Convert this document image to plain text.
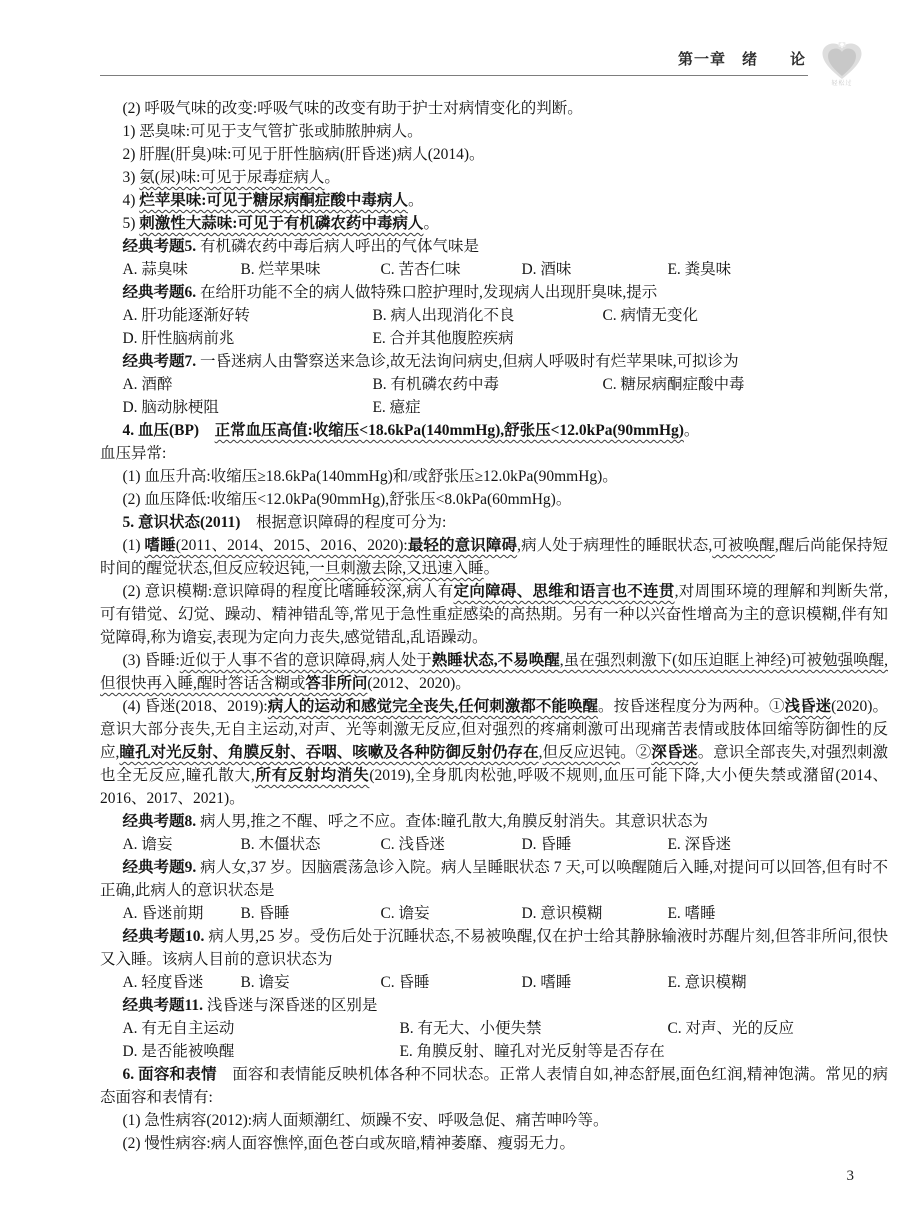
第一章　绪　　论
轻松过

(2) 呼吸气味的改变:呼吸气味的改变有助于护士对病情变化的判断。

1) 恶臭味:可见于支气管扩张或肺脓肿病人。

2) 肝腥(肝臭)味:可见于肝性脑病(肝昏迷)病人(2014)。

3) 氨(尿)味:可见于尿毒症病人。

4) 烂苹果味:可见于糖尿病酮症酸中毒病人。

5) 刺激性大蒜味:可见于有机磷农药中毒病人。

经典考题5. 有机磷农药中毒后病人呼出的气体气味是

A. 蒜臭味	B. 烂苹果味	C. 苦杏仁味	D. 酒味	E. 粪臭味

经典考题6. 在给肝功能不全的病人做特殊口腔护理时,发现病人出现肝臭味,提示

A. 肝功能逐渐好转	B. 病人出现消化不良	C. 病情无变化
D. 肝性脑病前兆	E. 合并其他腹腔疾病

经典考题7. 一昏迷病人由警察送来急诊,故无法询问病史,但病人呼吸时有烂苹果味,可拟诊为

A. 酒醉	B. 有机磷农药中毒	C. 糖尿病酮症酸中毒
D. 脑动脉梗阻	E. 癔症

4. 血压(BP)　 正常血压高值:收缩压<18.6kPa(140mmHg),舒张压<12.0kPa(90mmHg)。

血压异常:

(1) 血压升高:收缩压≥18.6kPa(140mmHg)和/或舒张压≥12.0kPa(90mmHg)。

(2) 血压降低:收缩压<12.0kPa(90mmHg),舒张压<8.0kPa(60mmHg)。

5. 意识状态(2011)　根据意识障碍的程度可分为:

(1) 嗜睡(2011、2014、2015、2016、2020):最轻的意识障碍,病人处于病理性的睡眠状态,可被唤醒,醒后尚能保持短时间的醒觉状态,但反应较迟钝,一旦刺激去除,又迅速入睡。

(2) 意识模糊:意识障碍的程度比嗜睡较深,病人有定向障碍、思维和语言也不连贯,对周围环境的理解和判断失常,可有错觉、幻觉、躁动、精神错乱等,常见于急性重症感染的高热期。另有一种以兴奋性增高为主的意识模糊,伴有知觉障碍,称为谵妄,表现为定向力丧失,感觉错乱,乱语躁动。

(3) 昏睡:近似于人事不省的意识障碍,病人处于熟睡状态,不易唤醒,虽在强烈刺激下(如压迫眶上神经)可被勉强唤醒,但很快再入睡,醒时答话含糊或答非所问(2012、2020)。

(4) 昏迷(2018、2019):病人的运动和感觉完全丧失,任何刺激都不能唤醒。按昏迷程度分为两种。①浅昏迷(2020)。意识大部分丧失,无自主运动,对声、光等刺激无反应,但对强烈的疼痛刺激可出现痛苦表情或肢体回缩等防御性的反应,瞳孔对光反射、角膜反射、吞咽、咳嗽及各种防御反射仍存在,但反应迟钝。②深昏迷。意识全部丧失,对强烈刺激也全无反应,瞳孔散大,所有反射均消失(2019),全身肌肉松弛,呼吸不规则,血压可能下降,大小便失禁或潴留(2014、2016、2017、2021)。

经典考题8. 病人男,推之不醒、呼之不应。查体:瞳孔散大,角膜反射消失。其意识状态为

A. 谵妄	B. 木僵状态	C. 浅昏迷	D. 昏睡	E. 深昏迷

经典考题9. 病人女,37 岁。因脑震荡急诊入院。病人呈睡眠状态 7 天,可以唤醒随后入睡,对提问可以回答,但有时不正确,此病人的意识状态是

A. 昏迷前期	B. 昏睡	C. 谵妄	D. 意识模糊	E. 嗜睡

经典考题10. 病人男,25 岁。受伤后处于沉睡状态,不易被唤醒,仅在护士给其静脉输液时苏醒片刻,但答非所问,很快又入睡。该病人目前的意识状态为

A. 轻度昏迷	B. 谵妄	C. 昏睡	D. 嗜睡	E. 意识模糊

经典考题11. 浅昏迷与深昏迷的区别是

A. 有无自主运动	B. 有无大、小便失禁	C. 对声、光的反应
D. 是否能被唤醒	E. 角膜反射、瞳孔对光反射等是否存在

6. 面容和表情　面容和表情能反映机体各种不同状态。正常人表情自如,神态舒展,面色红润,精神饱满。常见的病态面容和表情有:

(1) 急性病容(2012):病人面颊潮红、烦躁不安、呼吸急促、痛苦呻吟等。

(2) 慢性病容:病人面容憔悴,面色苍白或灰暗,精神萎靡、瘦弱无力。

3
